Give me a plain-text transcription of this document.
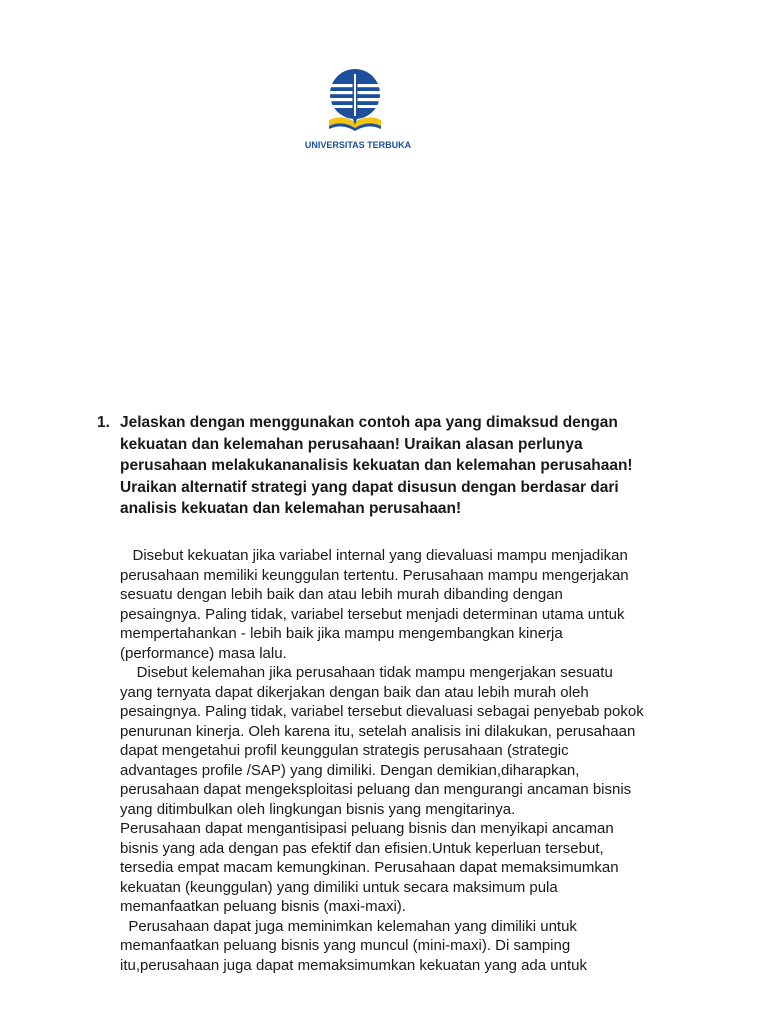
UNIVERSITAS TERBUKA
1. Jelaskan dengan menggunakan contoh apa yang dimaksud dengan
kekuatan dan kelemahan perusahaan! Uraikan alasan perlunya
perusahaan melakukananalisis kekuatan dan kelemahan perusahaan!
Uraikan alternatif strategi yang dapat disusun dengan berdasar dari
analisis kekuatan dan kelemahan perusahaan!
Disebut kekuatan jika variabel internal yang dievaluasi mampu menjadikan
perusahaan memiliki keunggulan tertentu. Perusahaan mampu mengerjakan
sesuatu dengan lebih baik dan atau lebih murah dibanding dengan
pesaingnya. Paling tidak, variabel tersebut menjadi determinan utama untuk
mempertahankan - lebih baik jika mampu mengembangkan kinerja
(performance) masa lalu.
Disebut kelemahan jika perusahaan tidak mampu mengerjakan sesuatu
yang ternyata dapat dikerjakan dengan baik dan atau lebih murah oleh
pesaingnya. Paling tidak, variabel tersebut dievaluasi sebagai penyebab pokok
penurunan kinerja. Oleh karena itu, setelah analisis ini dilakukan, perusahaan
dapat mengetahui profil keunggulan strategis perusahaan (strategic
advantages profile /SAP) yang dimiliki. Dengan demikian,diharapkan,
perusahaan dapat mengeksploitasi peluang dan mengurangi ancaman bisnis
yang ditimbulkan oleh lingkungan bisnis yang mengitarinya.
Perusahaan dapat mengantisipasi peluang bisnis dan menyikapi ancaman
bisnis yang ada dengan pas efektif dan efisien.Untuk keperluan tersebut,
tersedia empat macam kemungkinan. Perusahaan dapat memaksimumkan
kekuatan (keunggulan) yang dimiliki untuk secara maksimum pula
memanfaatkan peluang bisnis (maxi-maxi).
Perusahaan dapat juga meminimkan kelemahan yang dimiliki untuk
memanfaatkan peluang bisnis yang muncul (mini-maxi). Di samping
itu,perusahaan juga dapat memaksimumkan kekuatan yang ada untuk
